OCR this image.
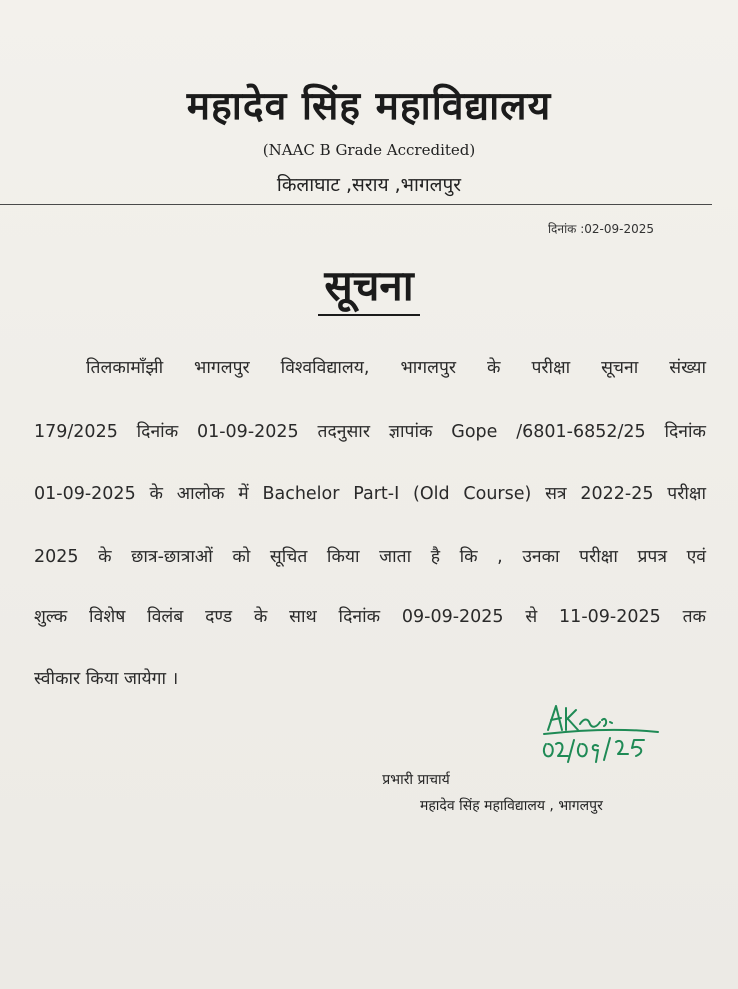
महादेव सिंह महाविद्यालय
(NAAC B Grade Accredited)
किलाघाट ,सराय ,भागलपुर
दिनांक :02-09-2025
सूचना
तिलकामाँझी भागलपुर विश्वविद्यालय, भागलपुर के परीक्षा सूचना संख्या
179/2025 दिनांक 01-09-2025 तदनुसार ज्ञापांक Gope /6801-6852/25 दिनांक
01-09-2025 के आलोक में Bachelor Part-I (Old Course) सत्र 2022-25 परीक्षा
2025 के छात्र-छात्राओं को सूचित किया जाता है कि , उनका परीक्षा प्रपत्र एवं
शुल्क विशेष विलंब दण्ड के साथ दिनांक 09-09-2025 से 11-09-2025 तक
स्वीकार किया जायेगा ।
प्रभारी प्राचार्य
महादेव सिंह महाविद्यालय , भागलपुर
